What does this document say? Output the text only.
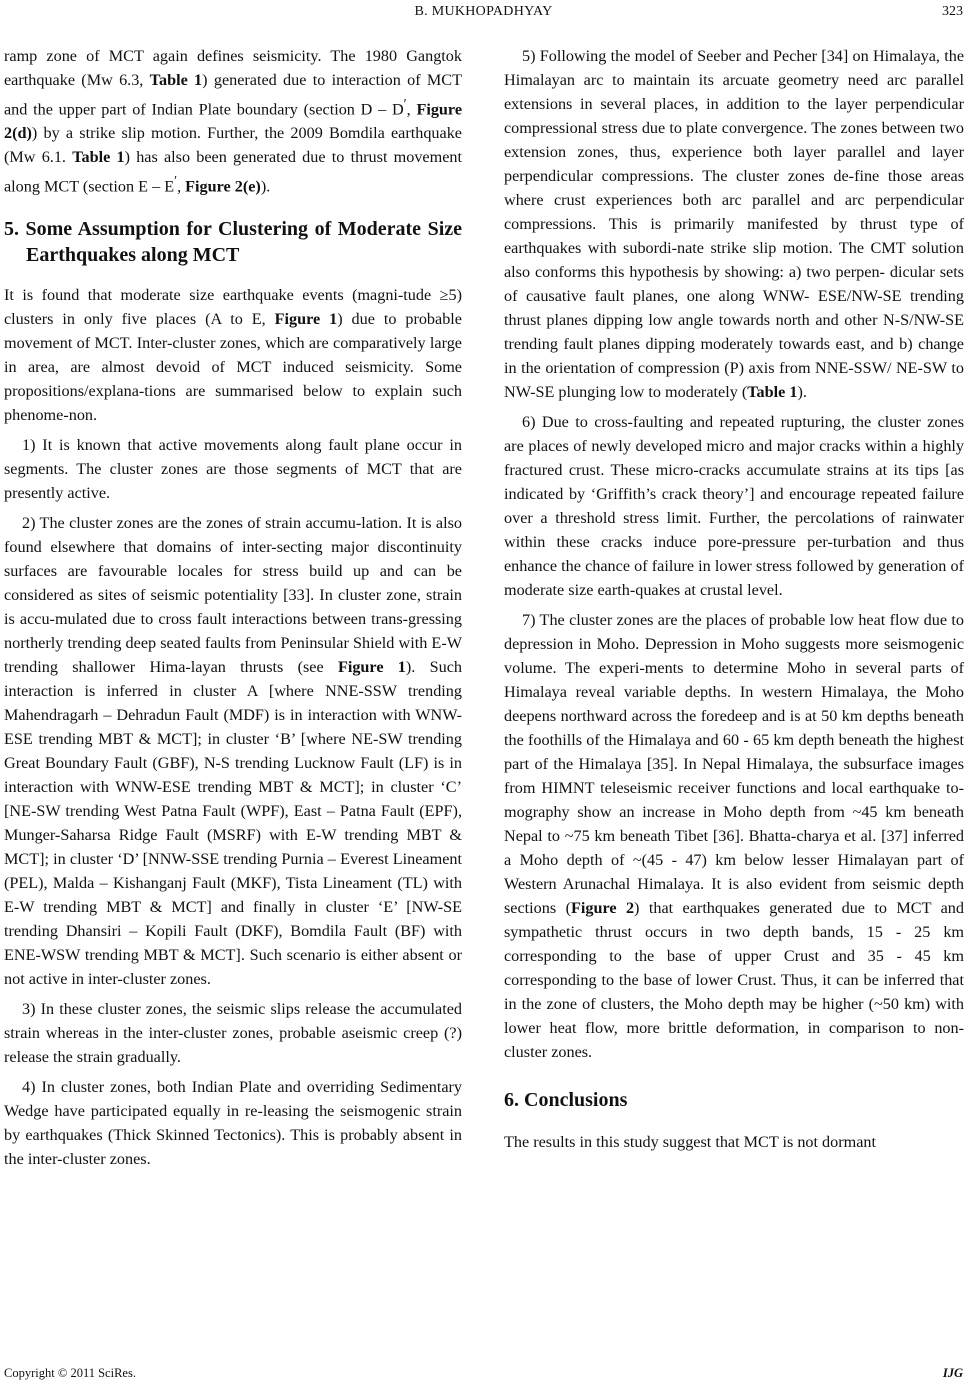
B. MUKHOPADHYAY	323

ramp zone of MCT again defines seismicity. The 1980 Gangtok earthquake (Mw 6.3, Table 1) generated due to interaction of MCT and the upper part of Indian Plate boundary (section D – D′, Figure 2(d)) by a strike slip motion. Further, the 2009 Bomdila earthquake (Mw 6.1. Table 1) has also been generated due to thrust movement along MCT (section E – E′, Figure 2(e)).

5. Some Assumption for Clustering of Moderate Size Earthquakes along MCT

It is found that moderate size earthquake events (magni-tude ≥5) clusters in only five places (A to E, Figure 1) due to probable movement of MCT. Inter-cluster zones, which are comparatively large in area, are almost devoid of MCT induced seismicity. Some propositions/explana-tions are summarised below to explain such phenome-non.

1) It is known that active movements along fault plane occur in segments. The cluster zones are those segments of MCT that are presently active.

2) The cluster zones are the zones of strain accumu-lation. It is also found elsewhere that domains of inter-secting major discontinuity surfaces are favourable locales for stress build up and can be considered as sites of seismic potentiality [33]. In cluster zone, strain is accu-mulated due to cross fault interactions between trans-gressing northerly trending deep seated faults from Peninsular Shield with E-W trending shallower Hima-layan thrusts (see Figure 1). Such interaction is inferred in cluster A [where NNE-SSW trending Mahendragarh – Dehradun Fault (MDF) is in interaction with WNW-ESE trending MBT & MCT]; in cluster ‘B’ [where NE-SW trending Great Boundary Fault (GBF), N-S trending Lucknow Fault (LF) is in interaction with WNW-ESE trending MBT & MCT]; in cluster ‘C’ [NE-SW trending West Patna Fault (WPF), East – Patna Fault (EPF), Munger-Saharsa Ridge Fault (MSRF) with E-W trending MBT & MCT]; in cluster ‘D’ [NNW-SSE trending Purnia – Everest Lineament (PEL), Malda – Kishanganj Fault (MKF), Tista Lineament (TL) with E-W trending MBT & MCT] and finally in cluster ‘E’ [NW-SE trending Dhansiri – Kopili Fault (DKF), Bomdila Fault (BF) with ENE-WSW trending MBT & MCT]. Such scenario is either absent or not active in inter-cluster zones.

3) In these cluster zones, the seismic slips release the accumulated strain whereas in the inter-cluster zones, probable aseismic creep (?) release the strain gradually.

4) In cluster zones, both Indian Plate and overriding Sedimentary Wedge have participated equally in re-leasing the seismogenic strain by earthquakes (Thick Skinned Tectonics). This is probably absent in the inter-cluster zones.

5) Following the model of Seeber and Pecher [34] on Himalaya, the Himalayan arc to maintain its arcuate geometry need arc parallel extensions in several places, in addition to the layer perpendicular compressional stress due to plate convergence. The zones between two extension zones, thus, experience both layer parallel and layer perpendicular compressions. The cluster zones de-fine those areas where crust experiences both arc parallel and arc perpendicular compressions. This is primarily manifested by thrust type of earthquakes with subordi-nate strike slip motion. The CMT solution also conforms this hypothesis by showing: a) two perpen- dicular sets of causative fault planes, one along WNW- ESE/NW-SE trending thrust planes dipping low angle towards north and other N-S/NW-SE trending fault planes dipping moderately towards east, and b) change in the orientation of compression (P) axis from NNE-SSW/ NE-SW to NW-SE plunging low to moderately (Table 1).

6) Due to cross-faulting and repeated rupturing, the cluster zones are places of newly developed micro and major cracks within a highly fractured crust. These micro-cracks accumulate strains at its tips [as indicated by ‘Griffith’s crack theory’] and encourage repeated failure over a threshold stress limit. Further, the percolations of rainwater within these cracks induce pore-pressure per-turbation and thus enhance the chance of failure in lower stress followed by generation of moderate size earth-quakes at crustal level.

7) The cluster zones are the places of probable low heat flow due to depression in Moho. Depression in Moho suggests more seismogenic volume. The experi-ments to determine Moho in several parts of Himalaya reveal variable depths. In western Himalaya, the Moho deepens northward across the foredeep and is at 50 km depths beneath the foothills of the Himalaya and 60 - 65 km depth beneath the highest part of the Himalaya [35]. In Nepal Himalaya, the subsurface images from HIMNT teleseismic receiver functions and local earthquake to-mography show an increase in Moho depth from ~45 km beneath Nepal to ~75 km beneath Tibet [36]. Bhatta-charya et al. [37] inferred a Moho depth of ~(45 - 47) km below lesser Himalayan part of Western Arunachal Himalaya. It is also evident from seismic depth sections (Figure 2) that earthquakes generated due to MCT and sympathetic thrust occurs in two depth bands, 15 - 25 km corresponding to the base of upper Crust and 35 - 45 km corresponding to the base of lower Crust. Thus, it can be inferred that in the zone of clusters, the Moho depth may be higher (~50 km) with lower heat flow, more brittle deformation, in comparison to non-cluster zones.

6. Conclusions

The results in this study suggest that MCT is not dormant

Copyright © 2011 SciRes.	IJG
